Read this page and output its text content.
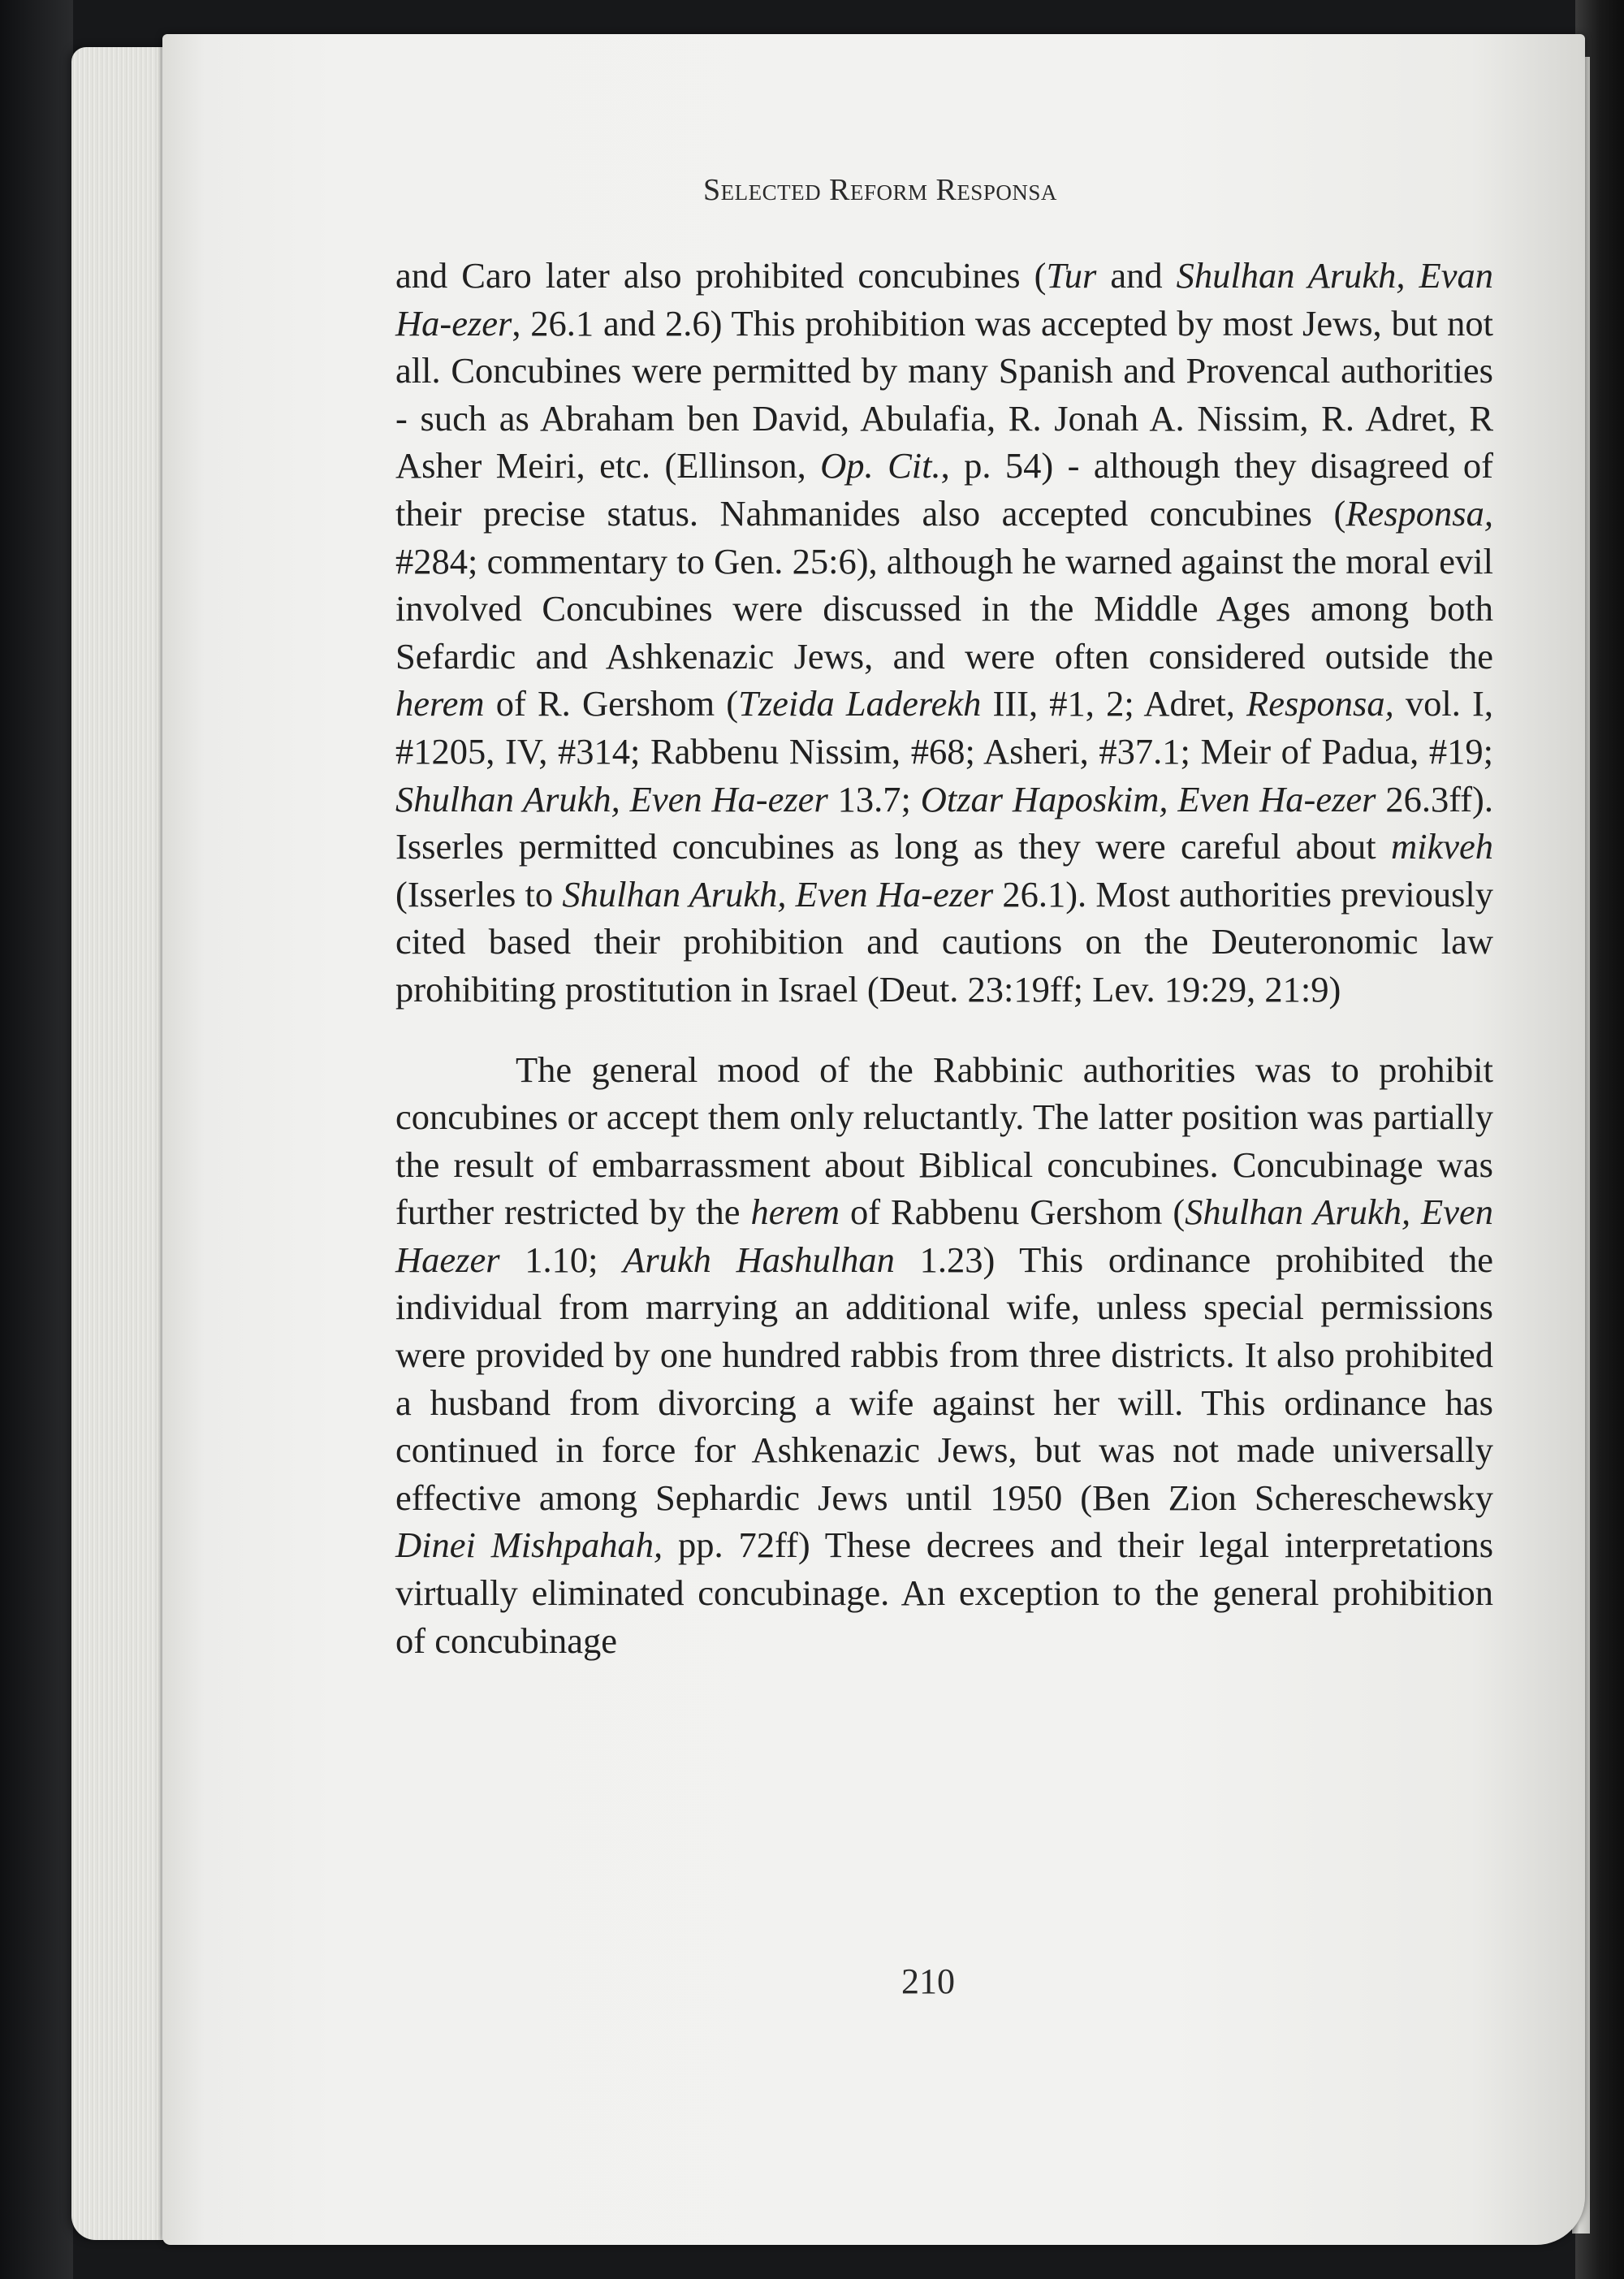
Selected Reform Responsa

and Caro later also prohibited concubines (Tur and Shulhan Arukh, Evan Ha-ezer, 26.1 and 2.6) This prohibition was accepted by most Jews, but not all. Concubines were permitted by many Spanish and Provencal authorities - such as Abraham ben David, Abulafia, R. Jonah A. Nissim, R. Adret, R Asher Meiri, etc. (Ellinson, Op. Cit., p. 54) - although they disagreed of their precise status. Nahmanides also accepted concubines (Responsa, #284; commentary to Gen. 25:6), although he warned against the moral evil involved Concubines were discussed in the Middle Ages among both Sefardic and Ashkenazic Jews, and were often considered outside the herem of R. Gershom (Tzeida Laderekh III, #1, 2; Adret, Responsa, vol. I, #1205, IV, #314; Rabbenu Nissim, #68; Asheri, #37.1; Meir of Padua, #19; Shulhan Arukh, Even Ha-ezer 13.7; Otzar Haposkim, Even Ha-ezer 26.3ff). Isserles permitted concubines as long as they were careful about mikveh (Isserles to Shulhan Arukh, Even Ha-ezer 26.1). Most authorities previously cited based their prohibition and cautions on the Deuteronomic law prohibiting prostitution in Israel (Deut. 23:19ff; Lev. 19:29, 21:9)

The general mood of the Rabbinic authorities was to prohibit concubines or accept them only reluctantly. The latter position was partially the result of embarrassment about Biblical concubines. Concubinage was further restricted by the herem of Rabbenu Gershom (Shulhan Arukh, Even Haezer 1.10; Arukh Hashulhan 1.23) This ordinance prohibited the individual from marrying an additional wife, unless special permissions were provided by one hundred rabbis from three districts. It also prohibited a husband from divorcing a wife against her will. This ordinance has continued in force for Ashkenazic Jews, but was not made universally effective among Sephardic Jews until 1950 (Ben Zion Schereschewsky Dinei Mishpahah, pp. 72ff) These decrees and their legal interpretations virtually eliminated concubinage. An exception to the general prohibition of concubinage

210
